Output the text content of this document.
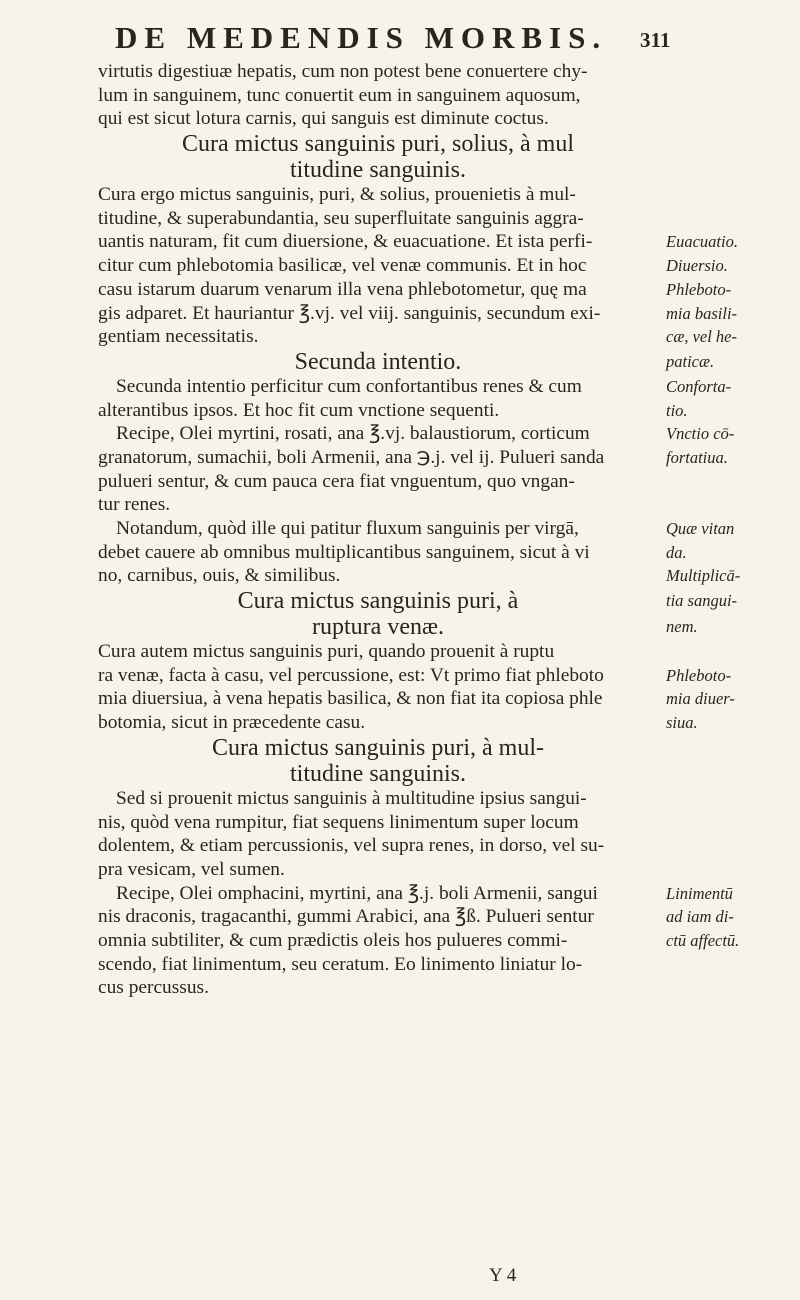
DE MEDENDIS MORBIS. 311
virtutis digestiuæ hepatis, cum non potest bene conuertere chy-
lum in sanguinem, tunc conuertit eum in sanguinem aquosum,
qui est sicut lotura carnis, qui sanguis est diminute coctus.
Cura mictus sanguinis puri, solius, à mul
titudine sanguinis.
Cura ergo mictus sanguinis, puri, & solius, prouenietis à mul-
titudine, & superabundantia, seu superfluitate sanguinis aggra-
uantis naturam, fit cum diuersione, & euacuatione. Et ista perfi-	Euacuatio.
citur cum phlebotomia basilicæ, vel venæ communis. Et in hoc	Diuersio.
casu istarum duarum venarum illa vena phlebotometur, quę ma	Phleboto-
gis adparet. Et hauriantur ℥.vj. vel viij. sanguinis, secundum exi-	mia basili-
gentiam necessitatis.	cæ, vel he-
Secunda intentio.	paticæ.
Secunda intentio perficitur cum confortantibus renes & cum	Conforta-
alterantibus ipsos. Et hoc fit cum vnctione sequenti.	tio.
Recipe, Olei myrtini, rosati, ana ℥.vj. balaustiorum, corticum	Vnctio cō-
granatorum, sumachii, boli Armenii, ana ℈.j. vel ij. Pulueri sanda	fortatiua.
pulueri sentur, & cum pauca cera fiat vnguentum, quo vngan-
tur renes.
Notandum, quòd ille qui patitur fluxum sanguinis per virgā,	Quæ vitan
debet cauere ab omnibus multiplicantibus sanguinem, sicut à vi	da.
no, carnibus, ouis, & similibus.	Multiplicā-
Cura mictus sanguinis puri, à	tia sangui-
ruptura venæ.	nem.
Cura autem mictus sanguinis puri, quando prouenit à ruptu
ra venæ, facta à casu, vel percussione, est: Vt primo fiat phleboto	Phleboto-
mia diuersiua, à vena hepatis basilica, & non fiat ita copiosa phle	mia diuer-
botomia, sicut in præcedente casu.	siua.
Cura mictus sanguinis puri, à mul-
titudine sanguinis.
Sed si prouenit mictus sanguinis à multitudine ipsius sangui-
nis, quòd vena rumpitur, fiat sequens linimentum super locum
dolentem, & etiam percussionis, vel supra renes, in dorso, vel su-
pra vesicam, vel sumen.
Recipe, Olei omphacini, myrtini, ana ℥.j. boli Armenii, sangui	Linimentū
nis draconis, tragacanthi, gummi Arabici, ana ℥ß. Pulueri sentur	ad iam di-
omnia subtiliter, & cum prædictis oleis hos pulueres commi-	ctū affectū.
scendo, fiat linimentum, seu ceratum. Eo linimento liniatur lo-
cus percussus.
Y 4
